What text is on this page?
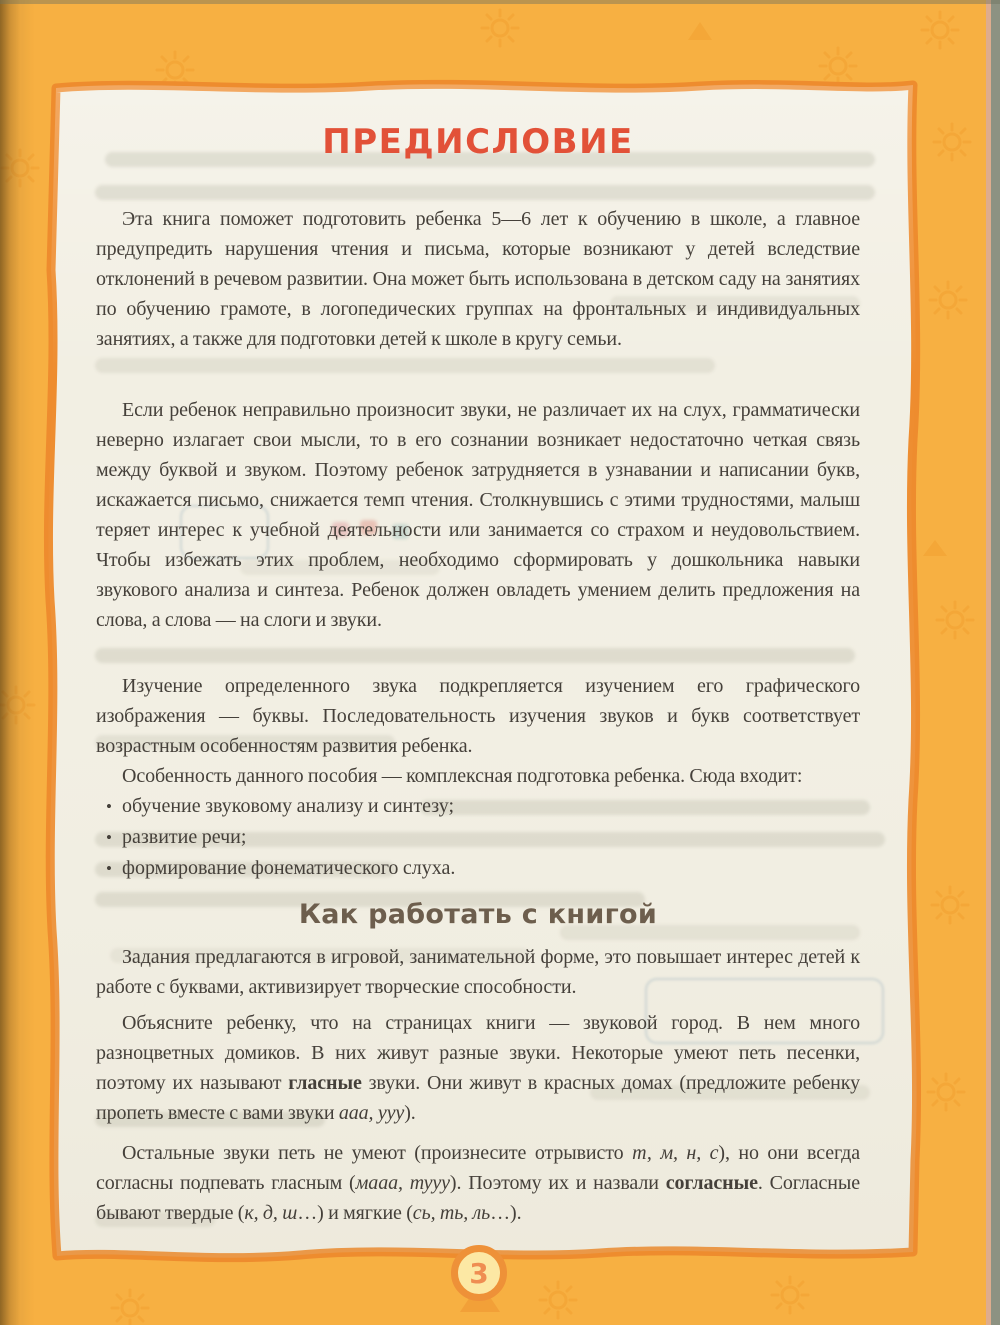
ПРЕДИСЛОВИЕ

Эта книга поможет подготовить ребенка 5—6 лет к обучению в школе, а главное предупредить нарушения чтения и письма, которые возникают у детей вследствие отклонений в речевом развитии. Она может быть использована в детском саду на занятиях по обучению грамоте, в логопедических группах на фронтальных и индивидуальных занятиях, а также для подготовки детей к школе в кругу семьи.

Если ребенок неправильно произносит звуки, не различает их на слух, грамматически неверно излагает свои мысли, то в его сознании возникает недостаточно четкая связь между буквой и звуком. Поэтому ребенок затрудняется в узнавании и написании букв, искажается письмо, снижается темп чтения. Столкнувшись с этими трудностями, малыш теряет интерес к учебной деятельности или занимается со страхом и неудовольствием. Чтобы избежать этих проблем, необходимо сформировать у дошкольника навыки звукового анализа и синтеза. Ребенок должен овладеть умением делить предложения на слова, а слова — на слоги и звуки.

Изучение определенного звука подкрепляется изучением его графического изображения — буквы. Последовательность изучения звуков и букв соответствует возрастным особенностям развития ребенка.

Особенность данного пособия — комплексная подготовка ребенка. Сюда входит:

• обучение звуковому анализу и синтезу;
• развитие речи;
• формирование фонематического слуха.
Как работать с книгой

Задания предлагаются в игровой, занимательной форме, это повышает интерес детей к работе с буквами, активизирует творческие способности.

Объясните ребенку, что на страницах книги — звуковой город. В нем много разноцветных домиков. В них живут разные звуки. Некоторые умеют петь песенки, поэтому их называют гласные звуки. Они живут в красных домах (предложите ребенку пропеть вместе с вами звуки ааа, ууу).

Остальные звуки петь не умеют (произнесите отрывисто т, м, н, с), но они всегда согласны подпевать гласным (мааа, тууу). Поэтому их и назвали согласные. Согласные бывают твердые (к, д, ш…) и мягкие (сь, ть, ль…).

3
